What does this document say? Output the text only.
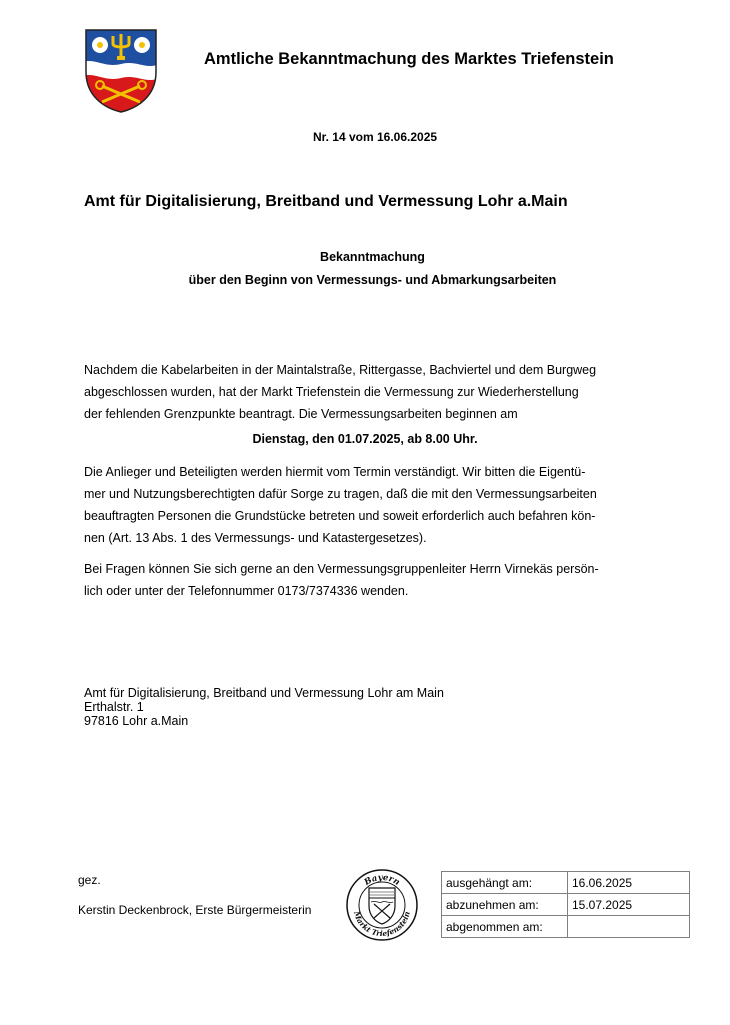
Amtliche Bekanntmachung des Marktes Triefenstein
Nr. 14 vom 16.06.2025
Amt für Digitalisierung, Breitband und Vermessung Lohr a.Main
Bekanntmachung
über den Beginn von Vermessungs- und Abmarkungsarbeiten
Nachdem die Kabelarbeiten in der Maintalstraße, Rittergasse, Bachviertel und dem Burgweg
abgeschlossen wurden, hat der Markt Triefenstein die Vermessung zur Wiederherstellung
der fehlenden Grenzpunkte beantragt. Die Vermessungsarbeiten beginnen am
Dienstag, den 01.07.2025, ab 8.00 Uhr.
Die Anlieger und Beteiligten werden hiermit vom Termin verständigt. Wir bitten die Eigentü-
mer und Nutzungsberechtigten dafür Sorge zu tragen, daß die mit den Vermessungsarbeiten
beauftragten Personen die Grundstücke betreten und soweit erforderlich auch befahren kön-
nen (Art. 13 Abs. 1 des Vermessungs- und Katastergesetzes).
Bei Fragen können Sie sich gerne an den Vermessungsgruppenleiter Herrn Virnekäs persön-
lich oder unter der Telefonnummer 0173/7374336 wenden.
Amt für Digitalisierung, Breitband und Vermessung Lohr am Main
Erthalstr. 1
97816 Lohr a.Main
gez.
Kerstin Deckenbrock, Erste Bürgermeisterin
Bayern
Markt Triefenstein
ausgehängt am:	16.06.2025
abzunehmen am:	15.07.2025
abgenommen am:	
